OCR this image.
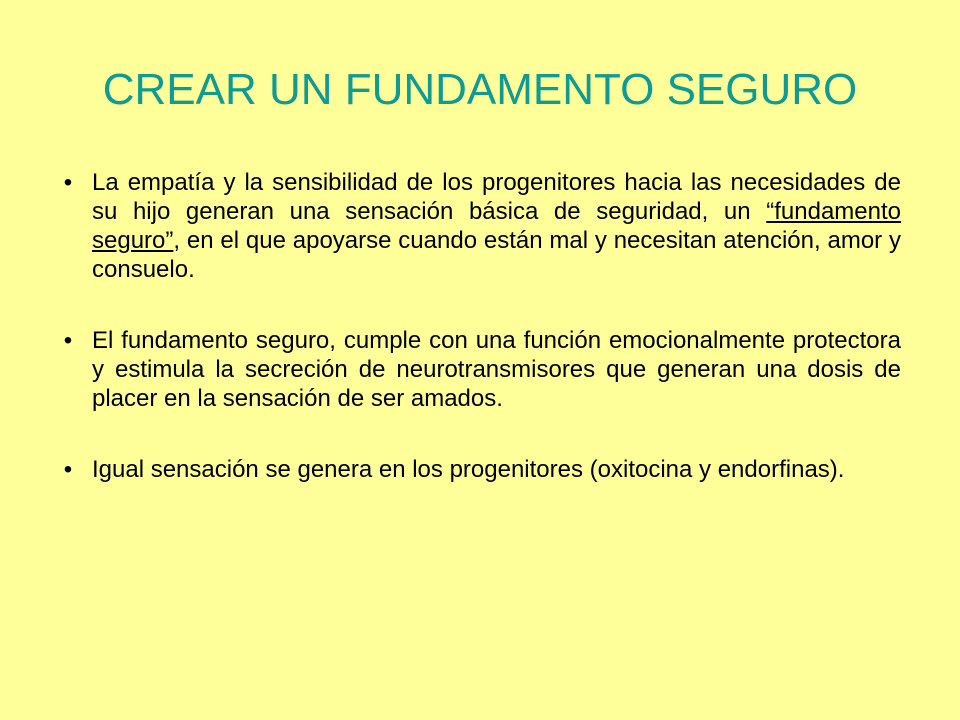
CREAR UN FUNDAMENTO SEGURO
• La empatía y la sensibilidad de los progenitores hacia las necesidades de su hijo generan una sensación básica de seguridad, un “fundamento seguro”, en el que apoyarse cuando están mal y necesitan atención, amor y consuelo.
• El fundamento seguro, cumple con una función emocionalmente protectora y estimula la secreción de neurotransmisores que generan una dosis de placer en la sensación de ser amados.
• Igual sensación se genera en los progenitores (oxitocina y endorfinas).
